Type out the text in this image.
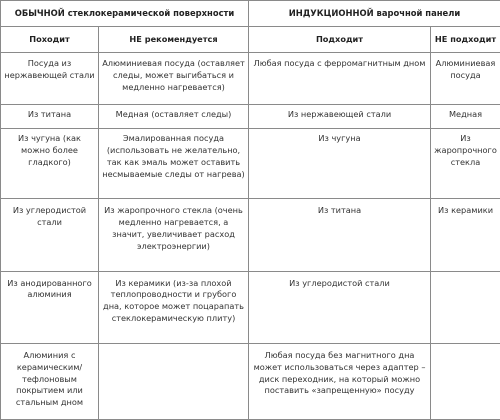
ОБЫЧНОЙ стеклокерамической поверхности		ИНДУКЦИОННОЙ варочной панели	
Походит	НЕ рекомендуется	Подходит	НЕ подходит
Посуда из нержавеющей стали	Алюминиевая посуда (оставляет следы, может выгибаться и медленно нагревается)	Любая посуда с ферромагнитным дном	Алюминиевая посуда
Из титана	Медная (оставляет следы)	Из нержавеющей стали	Медная
Из чугуна (как можно более гладкого)	Эмалированная посуда (использовать не желательно, так как эмаль может оставить несмываемые следы от нагрева)	Из чугуна	Из жаропрочного стекла
Из углеродистой стали	Из жаропрочного стекла (очень медленно нагревается, а значит, увеличивает расход электроэнергии)	Из титана	Из керамики
Из анодированного алюминия	Из керамики (из-за плохой теплопроводности и грубого дна, которое может поцарапать стеклокерамическую плиту)	Из углеродистой стали	
Алюминия с керамическим/ тефлоновым покрытием или стальным дном		Любая посуда без магнитного дна может использоваться через адаптер – диск переходник, на который можно поставить «запрещенную» посуду	
